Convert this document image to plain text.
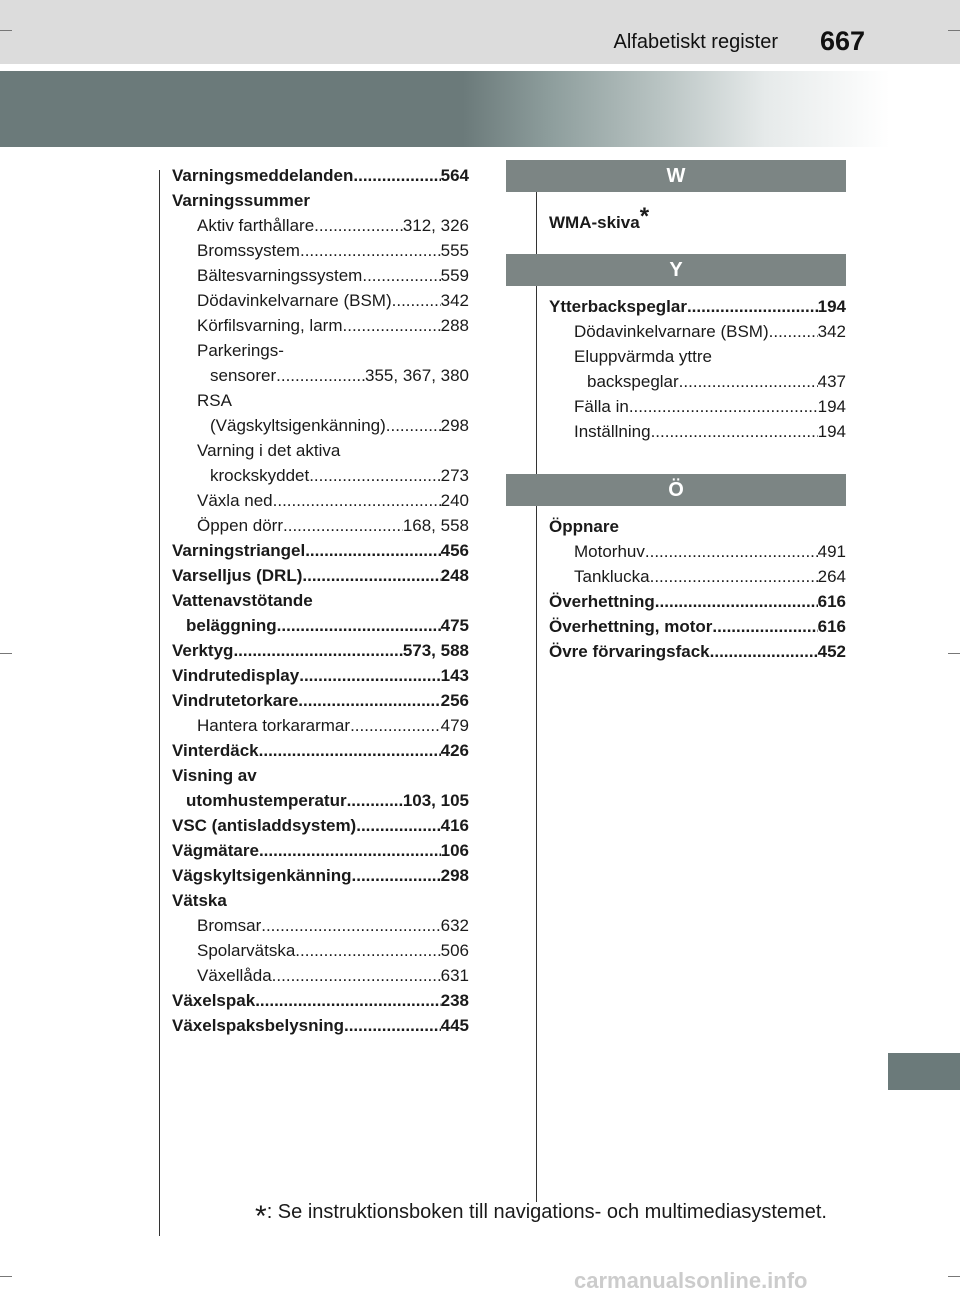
Alfabetiskt register 667
Varningsmeddelanden .....	564
Varningssummer
Aktiv farthållare .....	312, 326
Bromssystem .....	555
Bältesvarningssystem .....	559
Dödavinkelvarnare (BSM) .....	342
Körfilsvarning, larm .....	288
Parkerings-
sensorer .....	355, 367, 380
RSA
(Vägskyltsigenkänning) .....	298
Varning i det aktiva
krockskyddet .....	273
Växla ned .....	240
Öppen dörr .....	168, 558
Varningstriangel .....	456
Varselljus (DRL) .....	248
Vattenavstötande
beläggning .....	475
Verktyg .....	573, 588
Vindrutedisplay .....	143
Vindrutetorkare .....	256
Hantera torkararmar .....	479
Vinterdäck .....	426
Visning av
utomhustemperatur .....	103, 105
VSC (antisladdsystem) .....	416
Vägmätare .....	106
Vägskyltsigenkänning .....	298
Vätska
Bromsar .....	632
Spolarvätska .....	506
Växellåda .....	631
Växelspak .....	238
Växelspaksbelysning .....	445
W
WMA-skiva*
Y
Ytterbackspeglar .....	194
Dödavinkelvarnare (BSM) .....	342
Eluppvärmda yttre
backspeglar .....	437
Fälla in .....	194
Inställning .....	194
Ö
Öppnare
Motorhuv .....	491
Tanklucka .....	264
Överhettning .....	616
Överhettning, motor .....	616
Övre förvaringsfack .....	452
*: Se instruktionsboken till navigations- och multimediasystemet.
carmanualsonline.info
